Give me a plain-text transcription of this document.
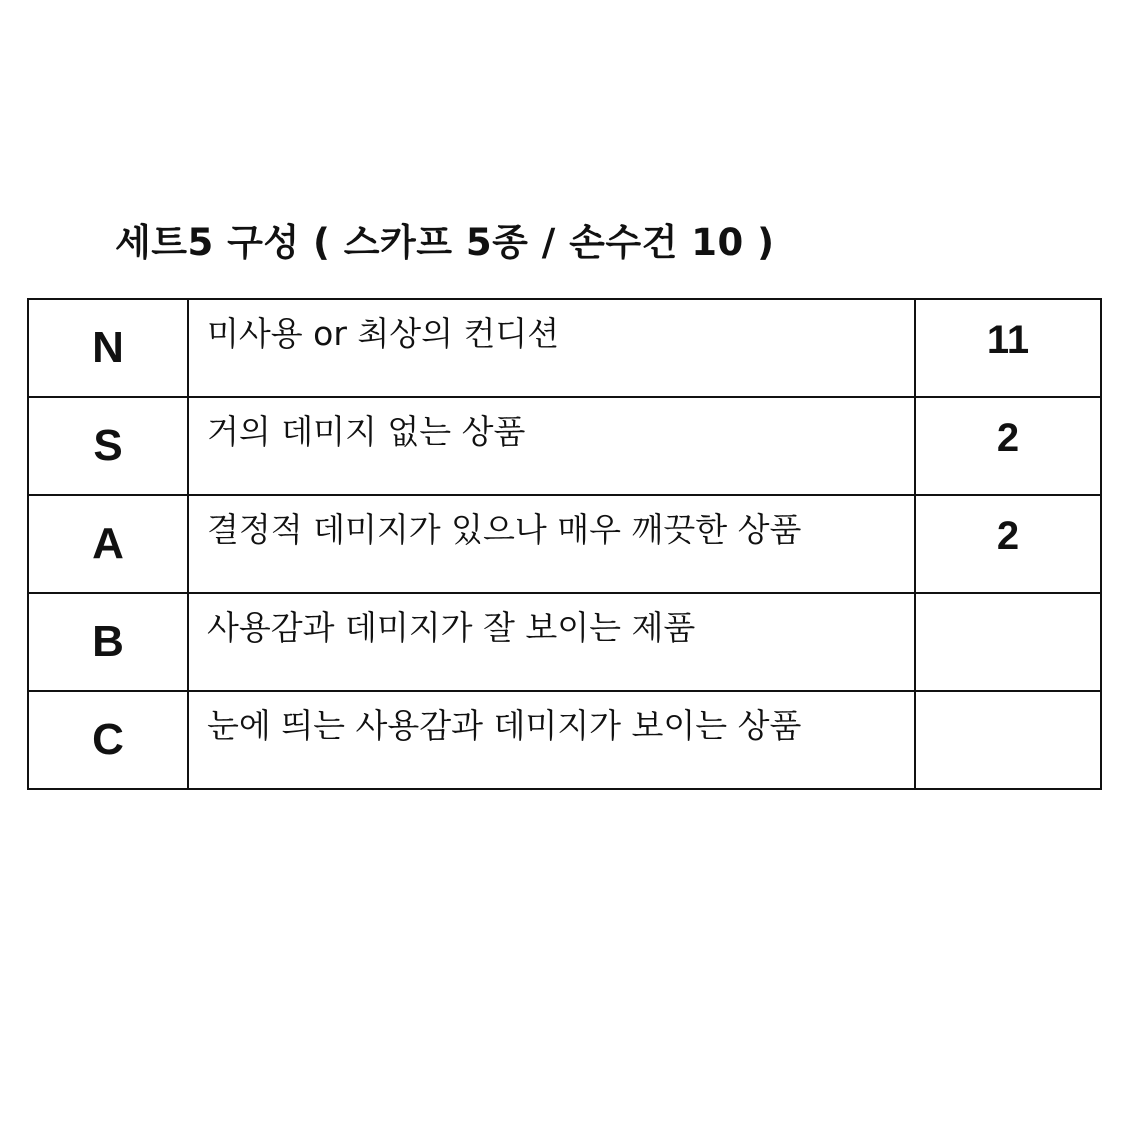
세트5 구성 ( 스카프 5종 / 손수건 10 )
N	미사용 or 최상의 컨디션	11
S	거의 데미지 없는 상품	2
A	결정적 데미지가 있으나 매우 깨끗한 상품	2
B	사용감과 데미지가 잘 보이는 제품	
C	눈에 띄는 사용감과 데미지가 보이는 상품	
